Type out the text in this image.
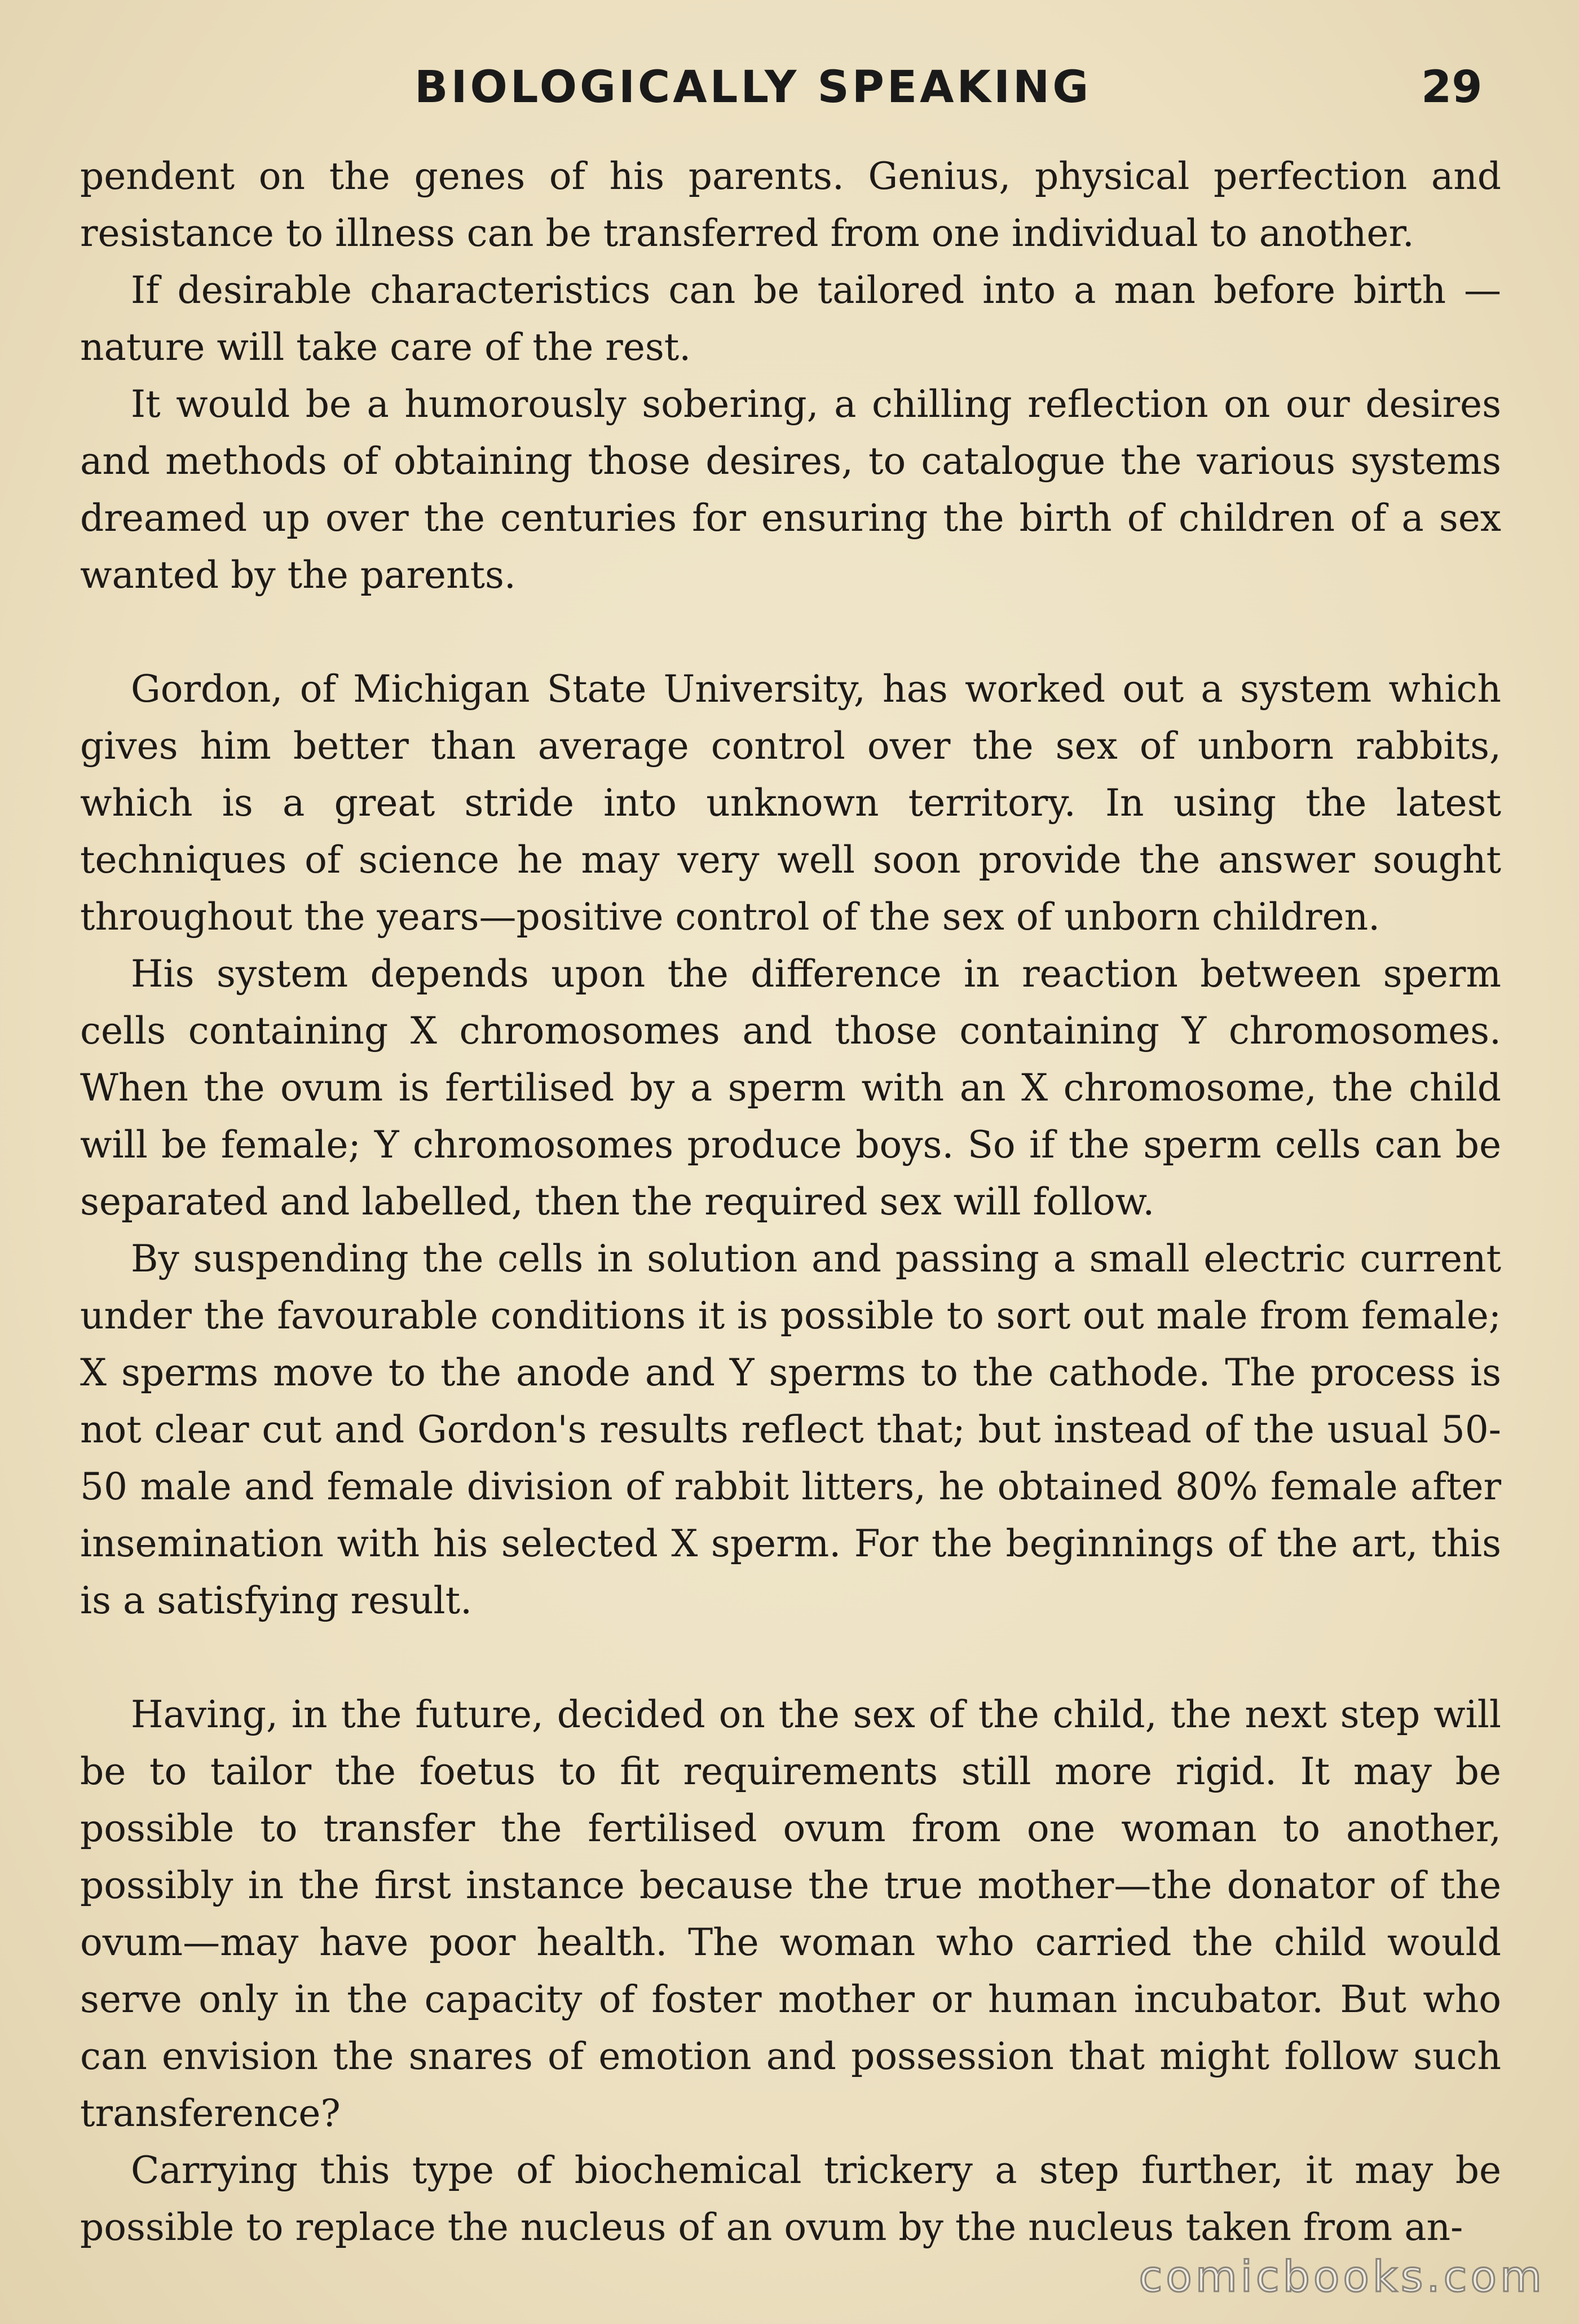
BIOLOGICALLY SPEAKING	29

pendent on the genes of his parents. Genius, physical perfection and resistance to illness can be transferred from one individual to another.

If desirable characteristics can be tailored into a man before birth —nature will take care of the rest.

It would be a humorously sobering, a chilling reflection on our desires and methods of obtaining those desires, to catalogue the various systems dreamed up over the centuries for ensuring the birth of children of a sex wanted by the parents.

Gordon, of Michigan State University, has worked out a system which gives him better than average control over the sex of unborn rabbits, which is a great stride into unknown territory. In using the latest techniques of science he may very well soon provide the answer sought throughout the years—positive control of the sex of unborn children.

His system depends upon the difference in reaction between sperm cells containing X chromosomes and those containing Y chromosomes. When the ovum is fertilised by a sperm with an X chromosome, the child will be female; Y chromosomes produce boys. So if the sperm cells can be separated and labelled, then the required sex will follow.

By suspending the cells in solution and passing a small electric current under the favourable conditions it is possible to sort out male from female; X sperms move to the anode and Y sperms to the cathode. The process is not clear cut and Gordon's results reflect that; but instead of the usual 50-50 male and female division of rabbit litters, he obtained 80% female after insemination with his selected X sperm. For the beginnings of the art, this is a satisfying result.

Having, in the future, decided on the sex of the child, the next step will be to tailor the foetus to fit requirements still more rigid. It may be possible to transfer the fertilised ovum from one woman to another, possibly in the first instance because the true mother—the donator of the ovum—may have poor health. The woman who carried the child would serve only in the capacity of foster mother or human incubator. But who can envision the snares of emotion and possession that might follow such transference?

Carrying this type of biochemical trickery a step further, it may be possible to replace the nucleus of an ovum by the nucleus taken from an-

comicbooks.com
